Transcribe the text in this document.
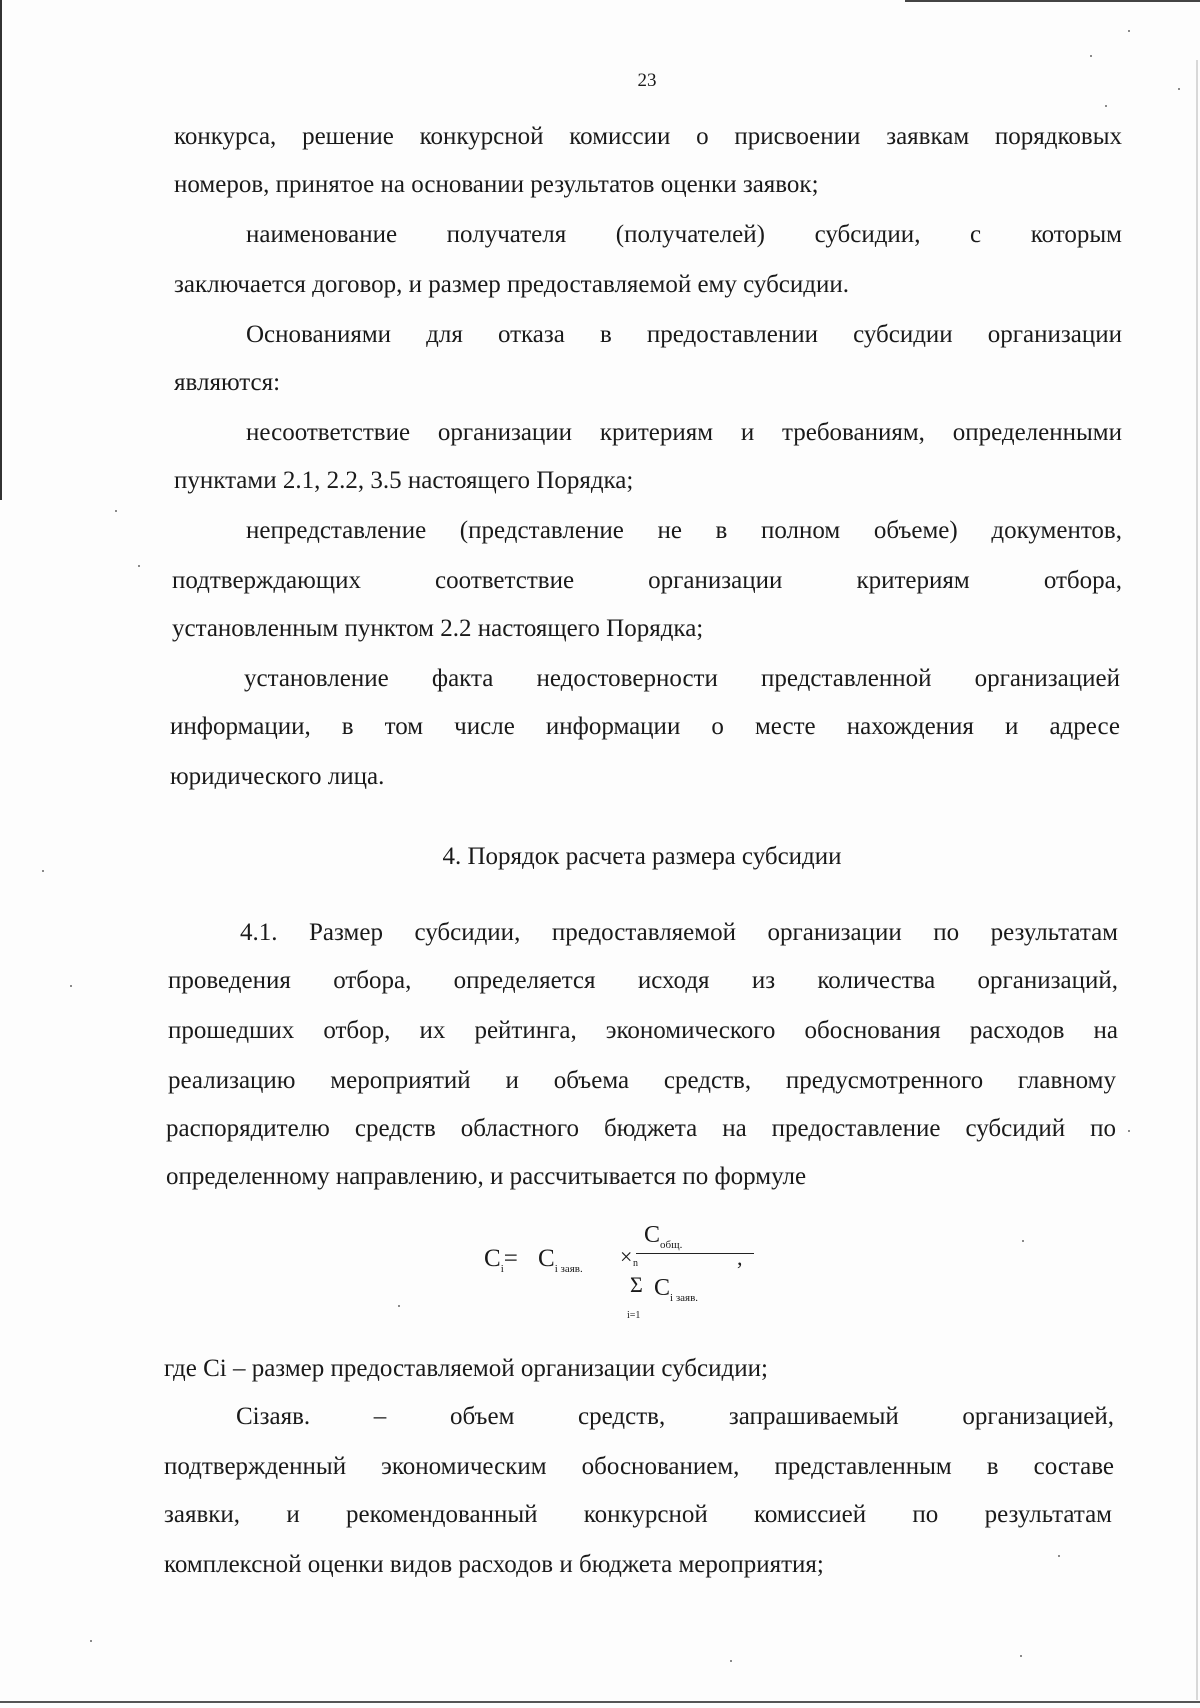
23
конкурса, решение конкурсной комиссии о присвоении заявкам порядковых
номеров, принятое на основании результатов оценки заявок;
наименование получателя (получателей) субсидии, с которым
заключается договор, и размер предоставляемой ему субсидии.
Основаниями для отказа в предоставлении субсидии организации
являются:
несоответствие организации критериям и требованиям, определенными
пунктами 2.1, 2.2, 3.5 настоящего Порядка;
непредставление (представление не в полном объеме) документов,
подтверждающих соответствие организации критериям отбора,
установленным пунктом 2.2 настоящего Порядка;
установление факта недостоверности представленной организацией
информации, в том числе информации о месте нахождения и адресе
юридического лица.
4. Порядок расчета размера субсидии
4.1. Размер субсидии, предоставляемой организации по результатам
проведения отбора, определяется исходя из количества организаций,
прошедших отбор, их рейтинга, экономического обоснования расходов на
реализацию мероприятий и объема средств, предусмотренного главному
распорядителю средств областного бюджета на предоставление субсидий по
определенному направлению, и рассчитывается по формуле
$C_i= C_{i заяв.}$ ×
$C_{общ.}$
,
n
Σ $C_{i заяв.}$
i=1
где Ci – размер предоставляемой организации субсидии;
Сiзаяв. – объем средств, запрашиваемый организацией,
подтвержденный экономическим обоснованием, представленным в составе
заявки, и рекомендованный конкурсной комиссией по результатам
комплексной оценки видов расходов и бюджета мероприятия;
